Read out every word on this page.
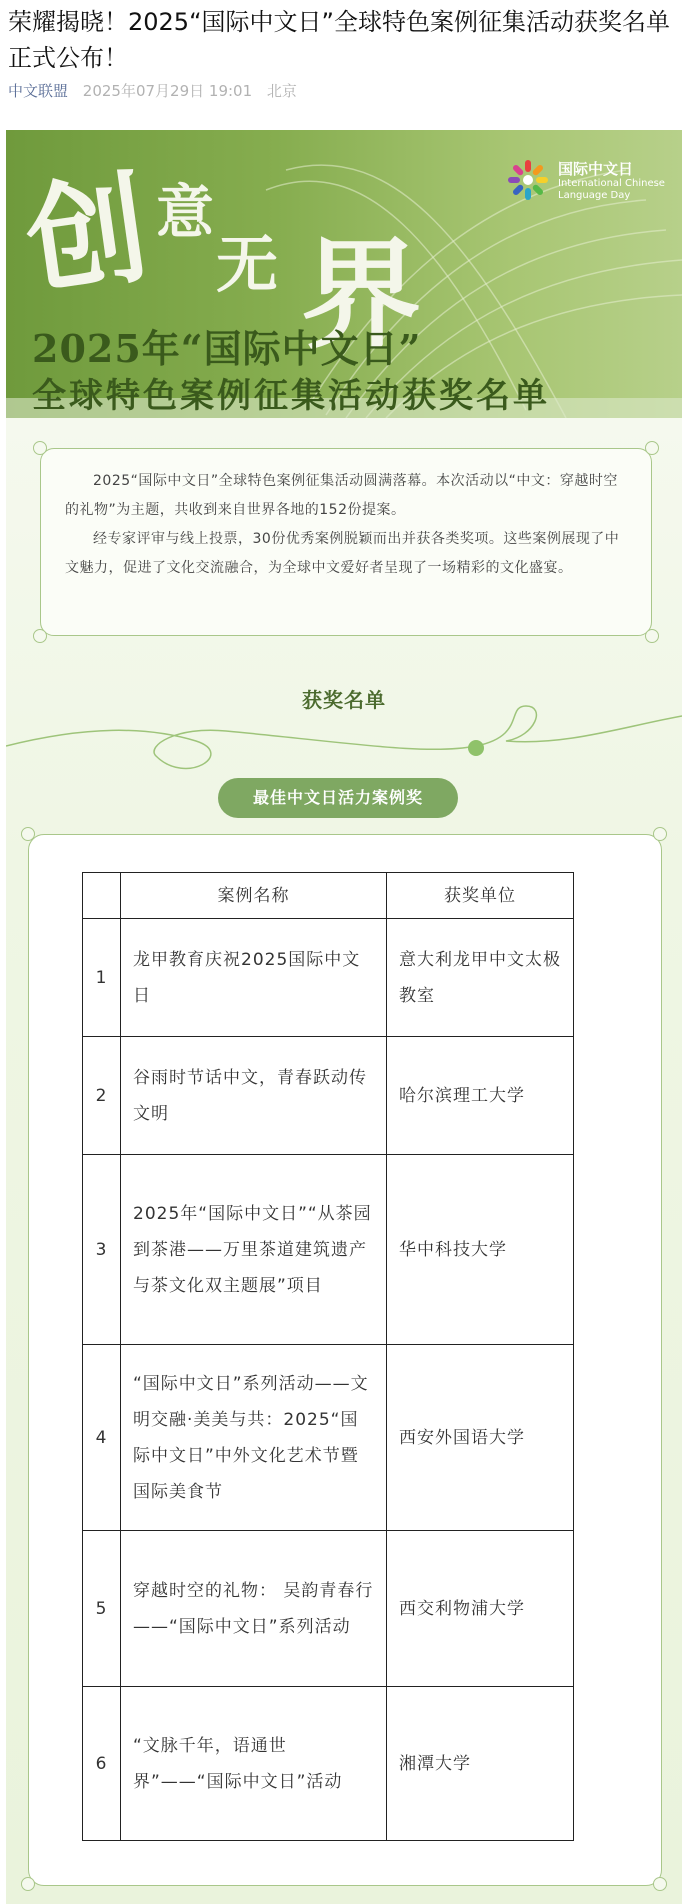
荣耀揭晓！2025“国际中文日”全球特色案例征集活动获奖名单正式公布！
中文联盟 2025年07月29日 19:01 北京
创 意
无 界
国际中文日
International Chinese
Language Day
2025年“国际中文日”
全球特色案例征集活动获奖名单

2025“国际中文日”全球特色案例征集活动圆满落幕。本次活动以“中文：穿越时空的礼物”为主题，共收到来自世界各地的152份提案。

经专家评审与线上投票，30份优秀案例脱颖而出并获各类奖项。这些案例展现了中文魅力，促进了文化交流融合，为全球中文爱好者呈现了一场精彩的文化盛宴。

获奖名单
最佳中文日活力案例奖
	案例名称	获奖单位
1	龙甲教育庆祝2025国际中文日	意大利龙甲中文太极教室
2	谷雨时节话中文，青春跃动传文明	哈尔滨理工大学
3	2025年“国际中文日”“从茶园到茶港——万里茶道建筑遗产与茶文化双主题展”项目	华中科技大学
4	“国际中文日”系列活动——文明交融·美美与共：2025“国际中文日”中外文化艺术节暨国际美食节	西安外国语大学
5	穿越时空的礼物： 吴韵青春行——“国际中文日”系列活动	西交利物浦大学
6	“文脉千年，语通世界”——“国际中文日”活动	湘潭大学
